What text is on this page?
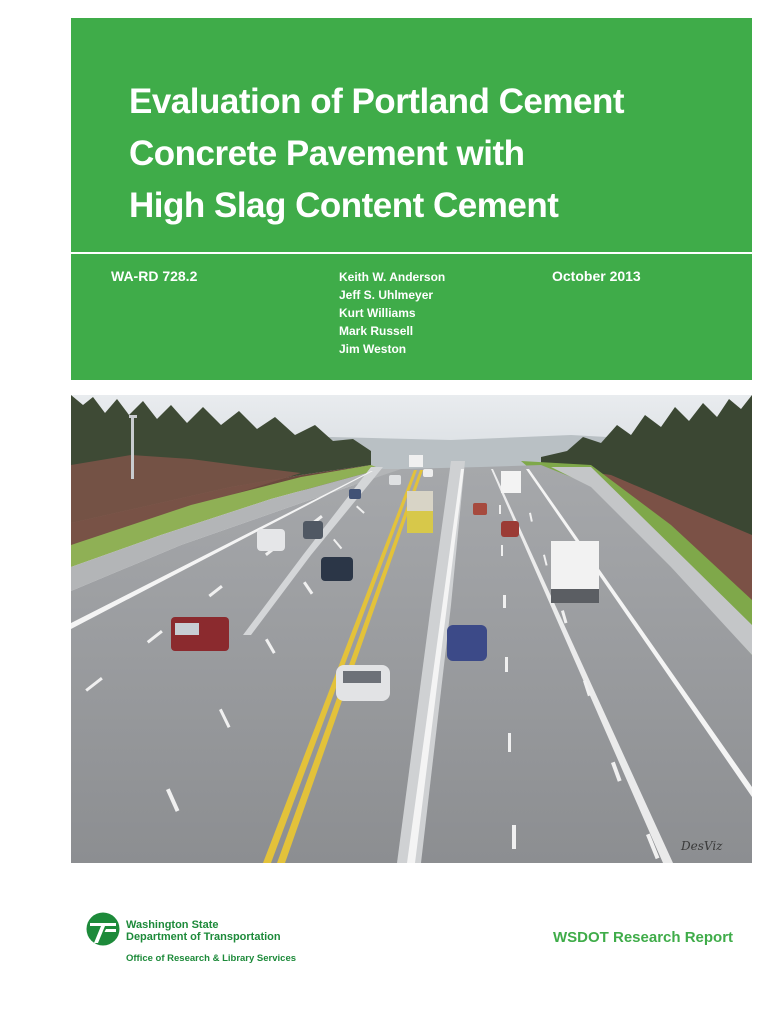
Evaluation of Portland Cement
Concrete Pavement with
High Slag Content Cement
WA-RD 728.2	Keith W. Anderson
Jeff S. Uhlmeyer
Kurt Williams
Mark Russell
Jim Weston
October 2013
DesViz
Washington State
Department of Transportation
Office of Research & Library Services
WSDOT Research Report
